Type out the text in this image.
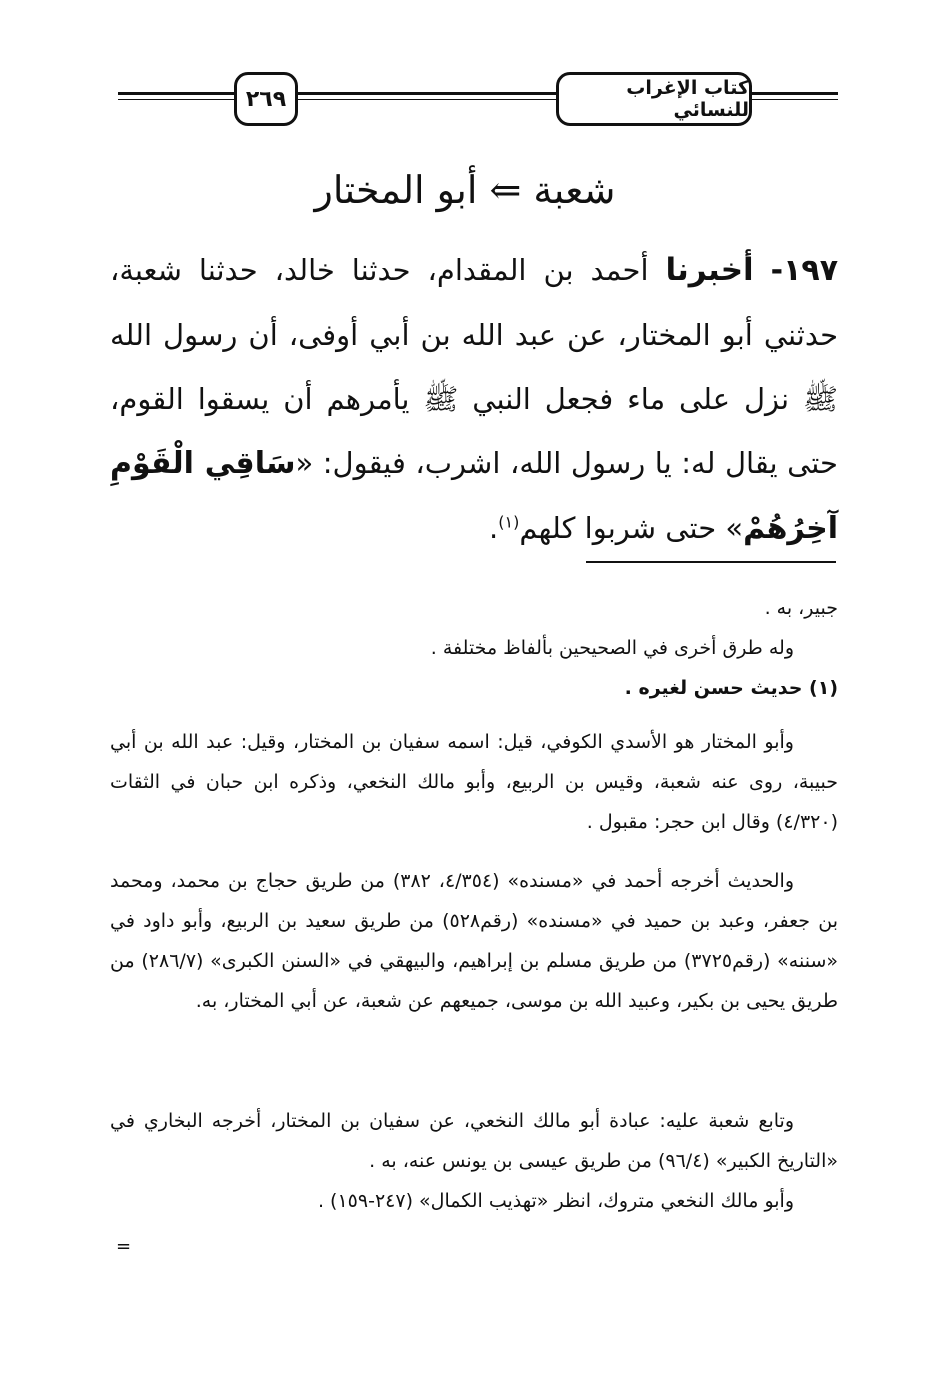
كتاب الإغراب للنسائي
٢٦٩
شعبة ⇐ أبو المختار
١٩٧- أخبرنا أحمد بن المقدام، حدثنا خالد، حدثنا شعبة، حدثني أبو المختار، عن عبد الله بن أبي أوفى، أن رسول الله ﷺ نزل على ماء فجعل النبي ﷺ يأمرهم أن يسقوا القوم، حتى يقال له: يا رسول الله، اشرب، فيقول: «سَاقِي الْقَوْمِ آخِرُهُمْ» حتى شربوا كلهم$^{(١)}$.

جبير، به .

وله طرق أخرى في الصحيحين بألفاظ مختلفة .

(١) حديث حسن لغيره .

وأبو المختار هو الأسدي الكوفي، قيل: اسمه سفيان بن المختار، وقيل: عبد الله بن أبي حبيبة، روى عنه شعبة، وقيس بن الربيع، وأبو مالك النخعي، وذكره ابن حبان في الثقات (٤/٣٢٠) وقال ابن حجر: مقبول .

والحديث أخرجه أحمد في «مسنده» (٤/٣٥٤، ٣٨٢) من طريق حجاج بن محمد، ومحمد بن جعفر، وعبد بن حميد في «مسنده» (رقم٥٢٨) من طريق سعيد بن الربيع، وأبو داود في «سننه» (رقم٣٧٢٥) من طريق مسلم بن إبراهيم، والبيهقي في «السنن الكبرى» (٢٨٦/٧) من طريق يحيى بن بكير، وعبيد الله بن موسى، جميعهم عن شعبة، عن أبي المختار، به.

وتابع شعبة عليه: عبادة أبو مالك النخعي، عن سفيان بن المختار، أخرجه البخاري في «التاريخ الكبير» (٩٦/٤) من طريق عيسى بن يونس عنه، به .

وأبو مالك النخعي متروك، انظر «تهذيب الكمال» (٢٤٧-١٥٩) .

=
